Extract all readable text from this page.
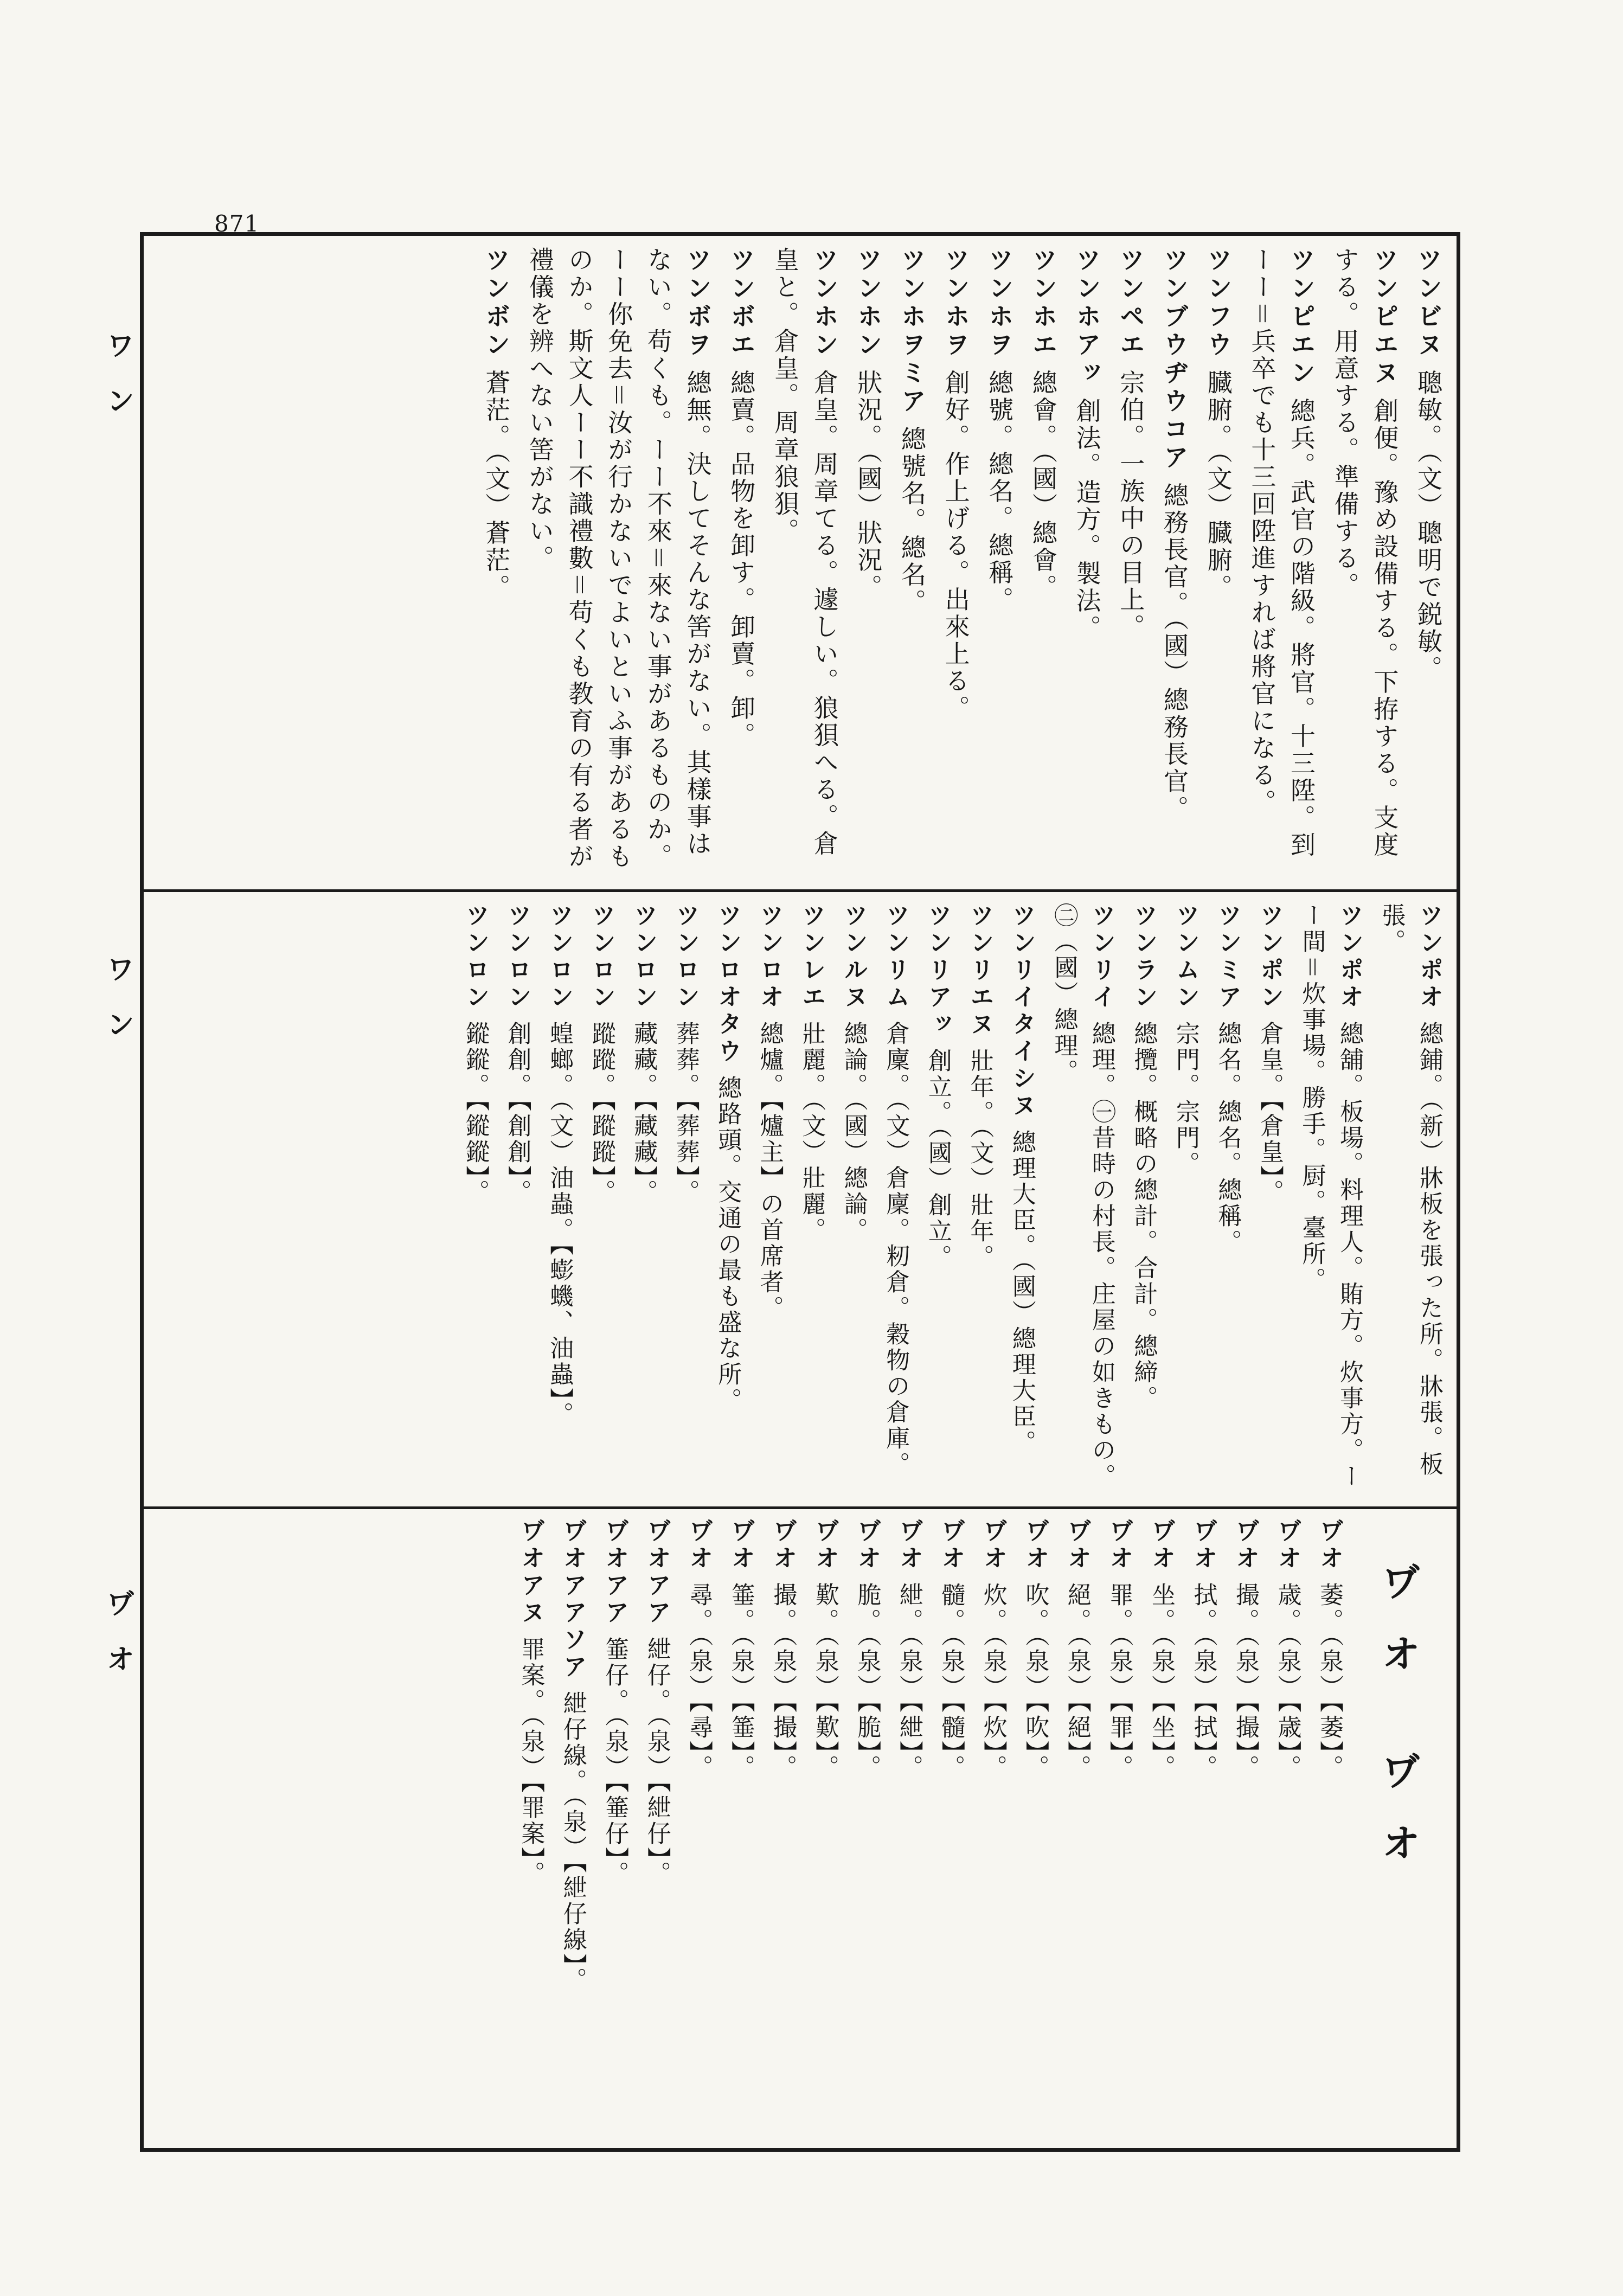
871
ワ ン
ワ ン
ヷ オ
ツンビヌ 聰敏。（文）聰明で鋭敏。
ツンピエヌ 創便。豫め設備する。下拵する。支度する。用意する。準備する。
ツンピエン 總兵。武官の階級。將官。十三陞。到ーー＝兵卒でも十三回陞進すれば將官になる。
ツンフウ 臓腑。（文）臓腑。
ツンブウヂウコア 總務長官。（國）總務長官。
ツンペエ 宗伯。一族中の目上。
ツンホアッ 創法。造方。製法。
ツンホエ 總會。（國）總會。
ツンホヲ 總號。總名。總稱。
ツンホヲ 創好。作上げる。出來上る。
ツンホヲミア 總號名。總名。
ツンホン 狀況。（國）狀況。
ツンホン 倉皇。周章てる。遽しい。狼狽へる。倉皇と。倉皇。周章狼狽。
ツンボエ 總賣。品物を卸す。卸賣。卸。
ツンボヲ 總無。決してそんな筈がない。其樣事はない。苟くも。ーー不來＝來ない事があるものか。ーー你免去＝汝が行かないでよいといふ事があるものか。斯文人ーー不識禮數＝苟くも教育の有る者が禮儀を辨へない筈がない。
ツンボン 蒼茫。（文）蒼茫。
ツンポオ 總鋪。（新）牀板を張った所。牀張。板張。
ツンポオ 總舖。板場。料理人。賄方。炊事方。ーー間＝炊事場。勝手。厨。臺所。
ツンポン 倉皇。【倉皇】。
ツンミア 總名。總名。總稱。
ツンムン 宗門。宗門。
ツンラン 總攬。概略の總計。合計。總締。
ツンリイ 總理。㊀昔時の村長。庄屋の如きもの。㊁（國）總理。
ツンリイタイシヌ 總理大臣。（國）總理大臣。
ツンリエヌ 壯年。（文）壯年。
ツンリアッ 創立。（國）創立。
ツンリム 倉廩。（文）倉廩。籾倉。穀物の倉庫。
ツンルヌ 總論。（國）總論。
ツンレエ 壯麗。（文）壯麗。
ツンロオ 總爐。【爐主】の首席者。
ツンロオタウ 總路頭。交通の最も盛な所。
ツンロン 葬葬。【葬葬】。
ツンロン 藏藏。【藏藏】。
ツンロン 蹤蹤。【蹤蹤】。
ツンロン 蝗螂。（文）油蟲。【蟛蟣、油蟲】。
ツンロン 創創。【創創】。
ツンロン 鏦鏦。【鏦鏦】。
ヷオ ヷオ
ヷオ 萎。（泉）【萎】。
ヷオ 歳。（泉）【歳】。
ヷオ 撮。（泉）【撮】。
ヷオ 拭。（泉）【拭】。
ヷオ 坐。（泉）【坐】。
ヷオ 罪。（泉）【罪】。
ヷオ 絕。（泉）【絕】。
ヷオ 吹。（泉）【吹】。
ヷオ 炊。（泉）【炊】。
ヷオ 髓。（泉）【髓】。
ヷオ 紲。（泉）【紲】。
ヷオ 脆。（泉）【脆】。
ヷオ 歎。（泉）【歎】。
ヷオ 撮。（泉）【撮】。
ヷオ 箠。（泉）【箠】。
ヷオ 尋。（泉）【尋】。
ヷオアア 紲仔。（泉）【紲仔】。
ヷオアア 箠仔。（泉）【箠仔】。
ヷオアアソア 紲仔線。（泉）【紲仔線】。
ヷオアヌ 罪案。（泉）【罪案】。
